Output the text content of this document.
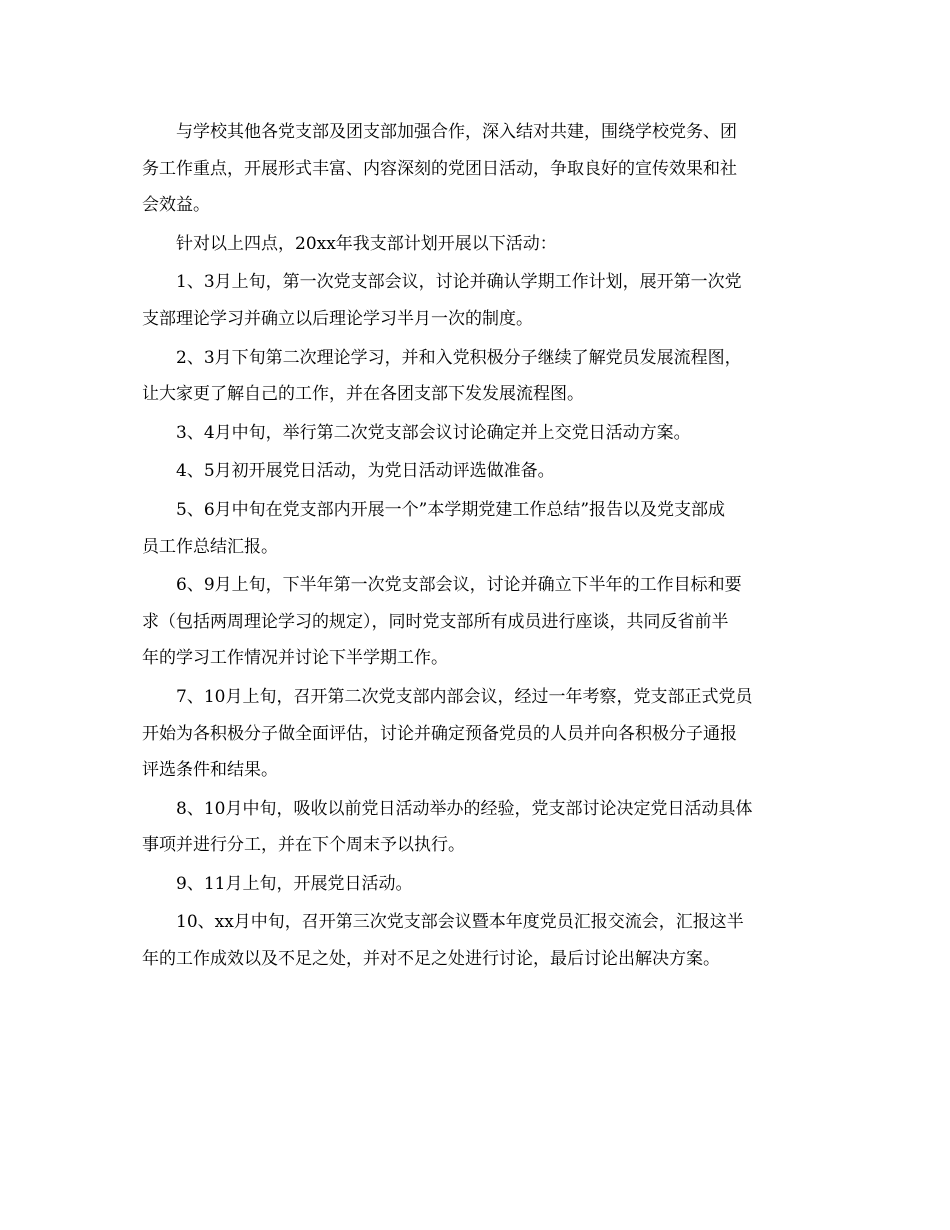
与学校其他各党支部及团支部加强合作，深入结对共建，围绕学校党务、团
务工作重点，开展形式丰富、内容深刻的党团日活动，争取良好的宣传效果和社
会效益。

针对以上四点，20xx年我支部计划开展以下活动：

1、3月上旬，第一次党支部会议，讨论并确认学期工作计划，展开第一次党
支部理论学习并确立以后理论学习半月一次的制度。

2、3月下旬第二次理论学习，并和入党积极分子继续了解党员发展流程图，
让大家更了解自己的工作，并在各团支部下发发展流程图。

3、4月中旬，举行第二次党支部会议讨论确定并上交党日活动方案。

4、5月初开展党日活动，为党日活动评选做准备。

5、6月中旬在党支部内开展一个”本学期党建工作总结”报告以及党支部成
员工作总结汇报。

6、9月上旬，下半年第一次党支部会议，讨论并确立下半年的工作目标和要
求（包括两周理论学习的规定），同时党支部所有成员进行座谈，共同反省前半
年的学习工作情况并讨论下半学期工作。

7、10月上旬，召开第二次党支部内部会议，经过一年考察，党支部正式党员
开始为各积极分子做全面评估，讨论并确定预备党员的人员并向各积极分子通报
评选条件和结果。

8、10月中旬，吸收以前党日活动举办的经验，党支部讨论决定党日活动具体
事项并进行分工，并在下个周末予以执行。

9、11月上旬，开展党日活动。

10、xx月中旬，召开第三次党支部会议暨本年度党员汇报交流会，汇报这半
年的工作成效以及不足之处，并对不足之处进行讨论，最后讨论出解决方案。
